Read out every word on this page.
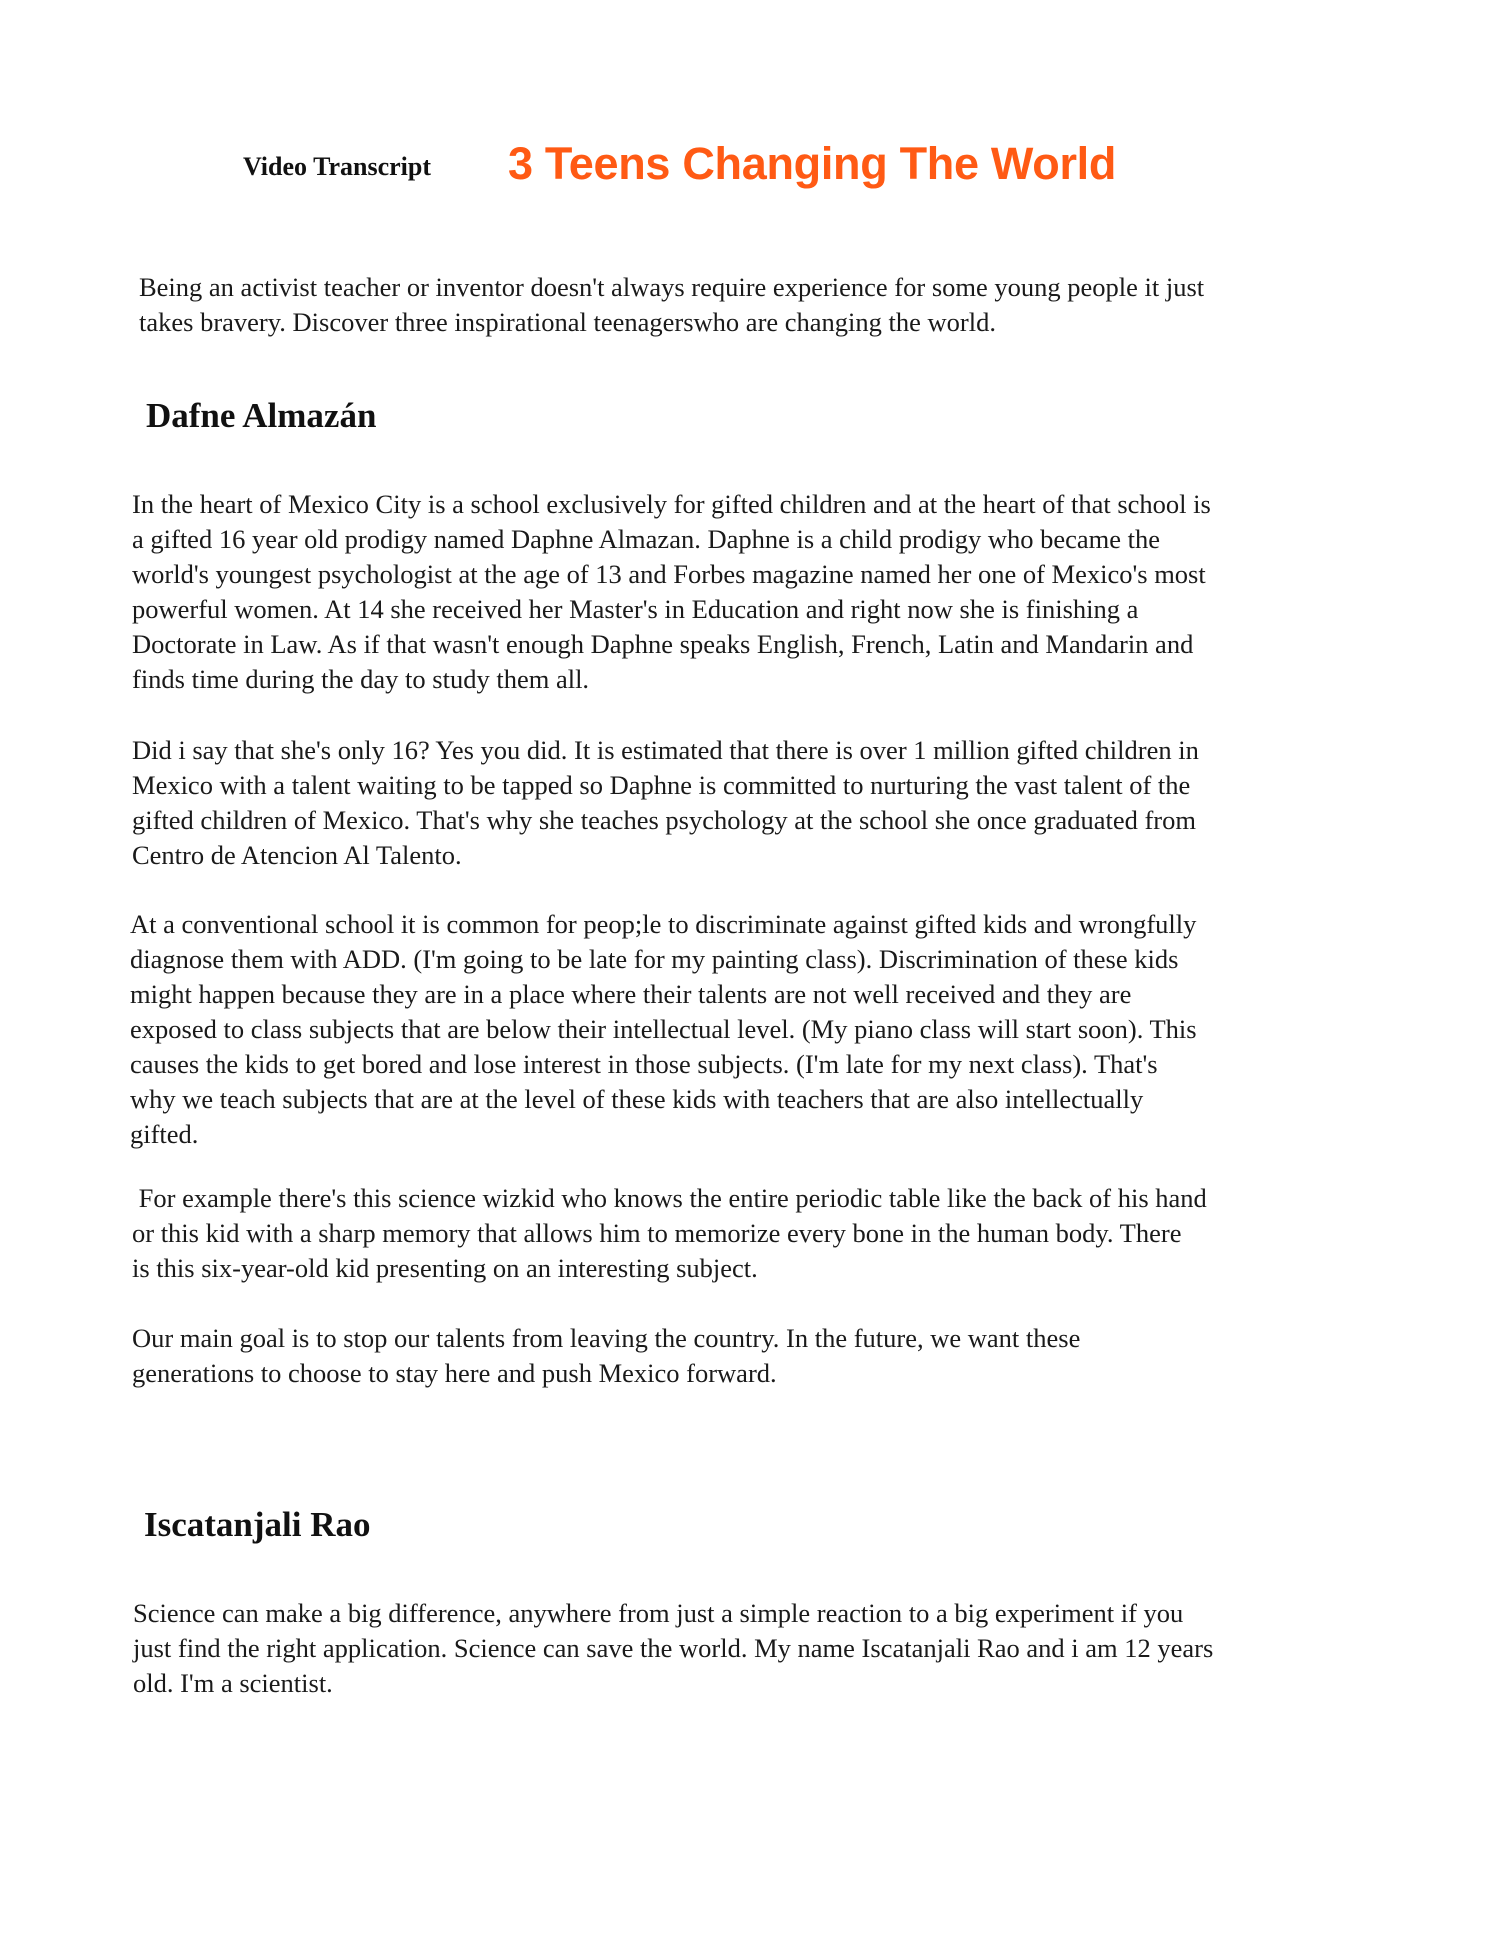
Video Transcript 3 Teens Changing The World

Being an activist teacher or inventor doesn't always require experience for some young people it just
takes bravery. Discover three inspirational teenagerswho are changing the world.

Dafne Almazán

In the heart of Mexico City is a school exclusively for gifted children and at the heart of that school is
a gifted 16 year old prodigy named Daphne Almazan. Daphne is a child prodigy who became the
world's youngest psychologist at the age of 13 and Forbes magazine named her one of Mexico's most
powerful women. At 14 she received her Master's in Education and right now she is finishing a
Doctorate in Law. As if that wasn't enough Daphne speaks English, French, Latin and Mandarin and
finds time during the day to study them all.

Did i say that she's only 16? Yes you did. It is estimated that there is over 1 million gifted children in
Mexico with a talent waiting to be tapped so Daphne is committed to nurturing the vast talent of the
gifted children of Mexico. That's why she teaches psychology at the school she once graduated from
Centro de Atencion Al Talento.

At a conventional school it is common for peop;le to discriminate against gifted kids and wrongfully
diagnose them with ADD. (I'm going to be late for my painting class). Discrimination of these kids
might happen because they are in a place where their talents are not well received and they are
exposed to class subjects that are below their intellectual level. (My piano class will start soon). This
causes the kids to get bored and lose interest in those subjects. (I'm late for my next class). That's
why we teach subjects that are at the level of these kids with teachers that are also intellectually
gifted.

For example there's this science wizkid who knows the entire periodic table like the back of his hand
or this kid with a sharp memory that allows him to memorize every bone in the human body. There
is this six-year-old kid presenting on an interesting subject.

Our main goal is to stop our talents from leaving the country. In the future, we want these
generations to choose to stay here and push Mexico forward.

Iscatanjali Rao

Science can make a big difference, anywhere from just a simple reaction to a big experiment if you
just find the right application. Science can save the world. My name Iscatanjali Rao and i am 12 years
old. I'm a scientist.
